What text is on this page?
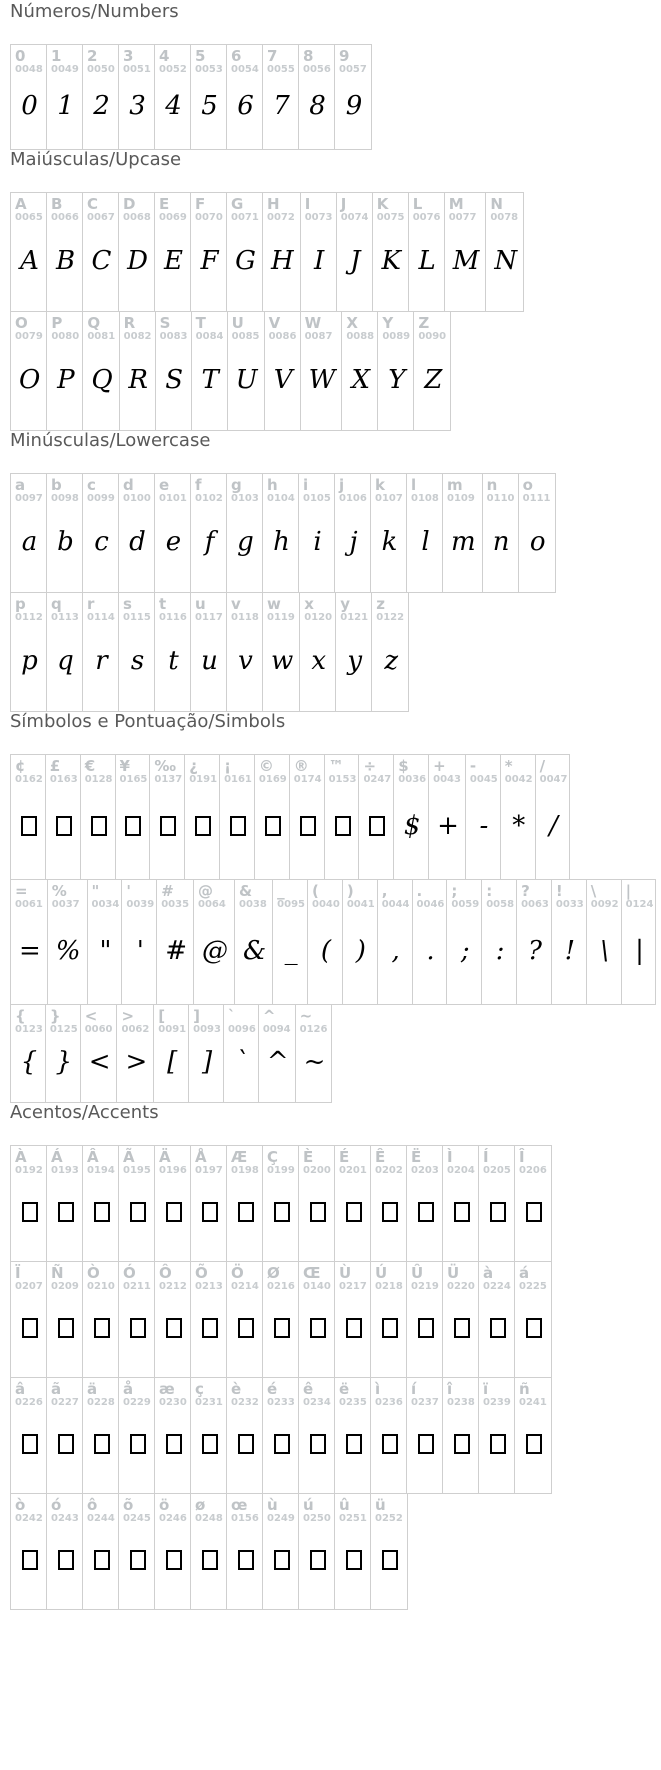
Números/Numbers
0
0048
0
1
0049
1
2
0050
2
3
0051
3
4
0052
4
5
0053
5
6
0054
6
7
0055
7
8
0056
8
9
0057
9
Maiúsculas/Upcase
A
0065
A
B
0066
B
C
0067
C
D
0068
D
E
0069
E
F
0070
F
G
0071
G
H
0072
H
I
0073
I
J
0074
J
K
0075
K
L
0076
L
M
0077
M
N
0078
N
O
0079
O
P
0080
P
Q
0081
Q
R
0082
R
S
0083
S
T
0084
T
U
0085
U
V
0086
V
W
0087
W
X
0088
X
Y
0089
Y
Z
0090
Z
Minúsculas/Lowercase
a
0097
a
b
0098
b
c
0099
c
d
0100
d
e
0101
e
f
0102
f
g
0103
g
h
0104
h
i
0105
i
j
0106
j
k
0107
k
l
0108
l
m
0109
m
n
0110
n
o
0111
o
p
0112
p
q
0113
q
r
0114
r
s
0115
s
t
0116
t
u
0117
u
v
0118
v
w
0119
w
x
0120
x
y
0121
y
z
0122
z
Símbolos e Pontuação/Simbols
¢
0162
£
0163
€
0128
¥
0165
‰
0137
¿
0191
¡
0161
©
0169
®
0174
™
0153
÷
0247
$
0036
$
+
0043
+
-
0045
-
*
0042
*
/
0047
/
=
0061
=
%
0037
%
"
0034
"
'
0039
'
#
0035
#
@
0064
@
&
0038
&
_
0095
_
(
0040
(
)
0041
)
,
0044
,
.
0046
.
;
0059
;
:
0058
:
?
0063
?
!
0033
!
\
0092
\
|
0124
|
{
0123
{
}
0125
}
<
0060
<
>
0062
>
[
0091
[
]
0093
]
`
0096
`
^
0094
^
~
0126
~
Acentos/Accents
À
0192
Á
0193
Â
0194
Ã
0195
Ä
0196
Å
0197
Æ
0198
Ç
0199
È
0200
É
0201
Ê
0202
Ë
0203
Ì
0204
Í
0205
Î
0206
Ï
0207
Ñ
0209
Ò
0210
Ó
0211
Ô
0212
Õ
0213
Ö
0214
Ø
0216
Œ
0140
Ù
0217
Ú
0218
Û
0219
Ü
0220
à
0224
á
0225
â
0226
ã
0227
ä
0228
å
0229
æ
0230
ç
0231
è
0232
é
0233
ê
0234
ë
0235
ì
0236
í
0237
î
0238
ï
0239
ñ
0241
ò
0242
ó
0243
ô
0244
õ
0245
ö
0246
ø
0248
œ
0156
ù
0249
ú
0250
û
0251
ü
0252
